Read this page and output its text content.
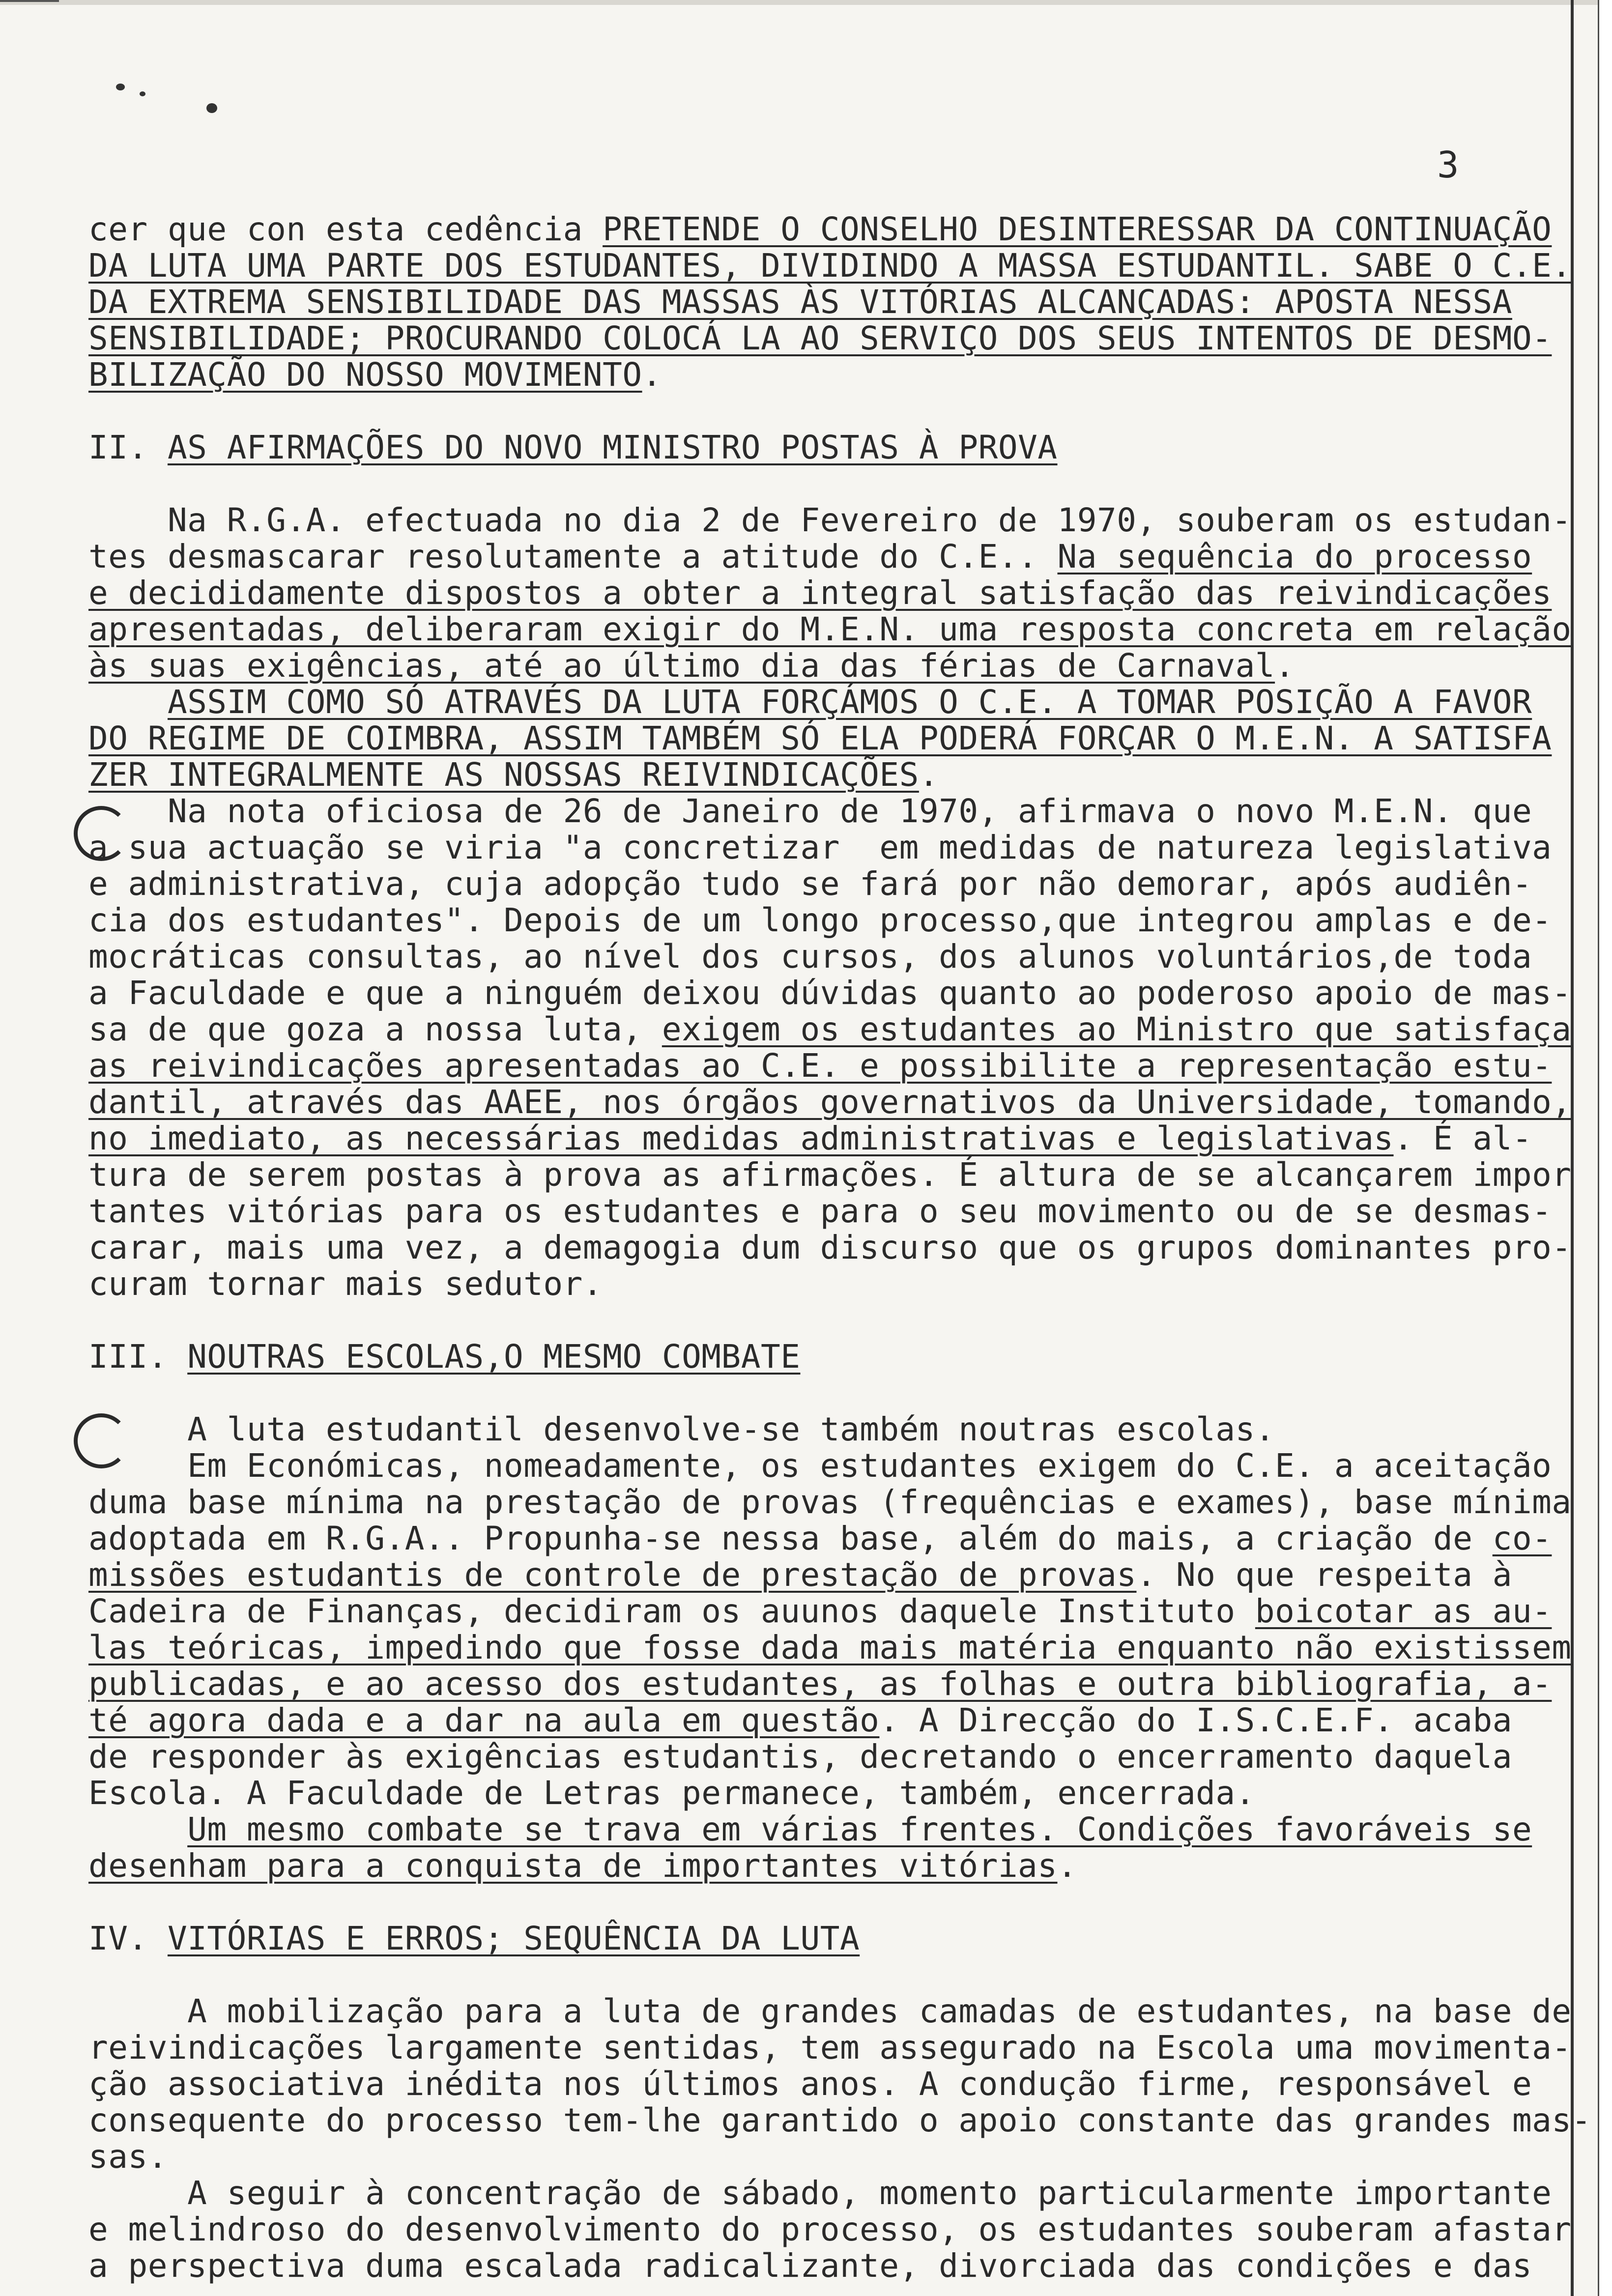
3
cer que con esta cedência PRETENDE O CONSELHO DESINTERESSAR DA CONTINUAÇÃO
DA LUTA UMA PARTE DOS ESTUDANTES, DIVIDINDO A MASSA ESTUDANTIL. SABE O C.E.
DA EXTREMA SENSIBILIDADE DAS MASSAS ÀS VITÓRIAS ALCANÇADAS: APOSTA NESSA
SENSIBILIDADE; PROCURANDO COLOCÁ LA AO SERVIÇO DOS SEUS INTENTOS DE DESMO-
BILIZAÇÃO DO NOSSO MOVIMENTO.
II. AS AFIRMAÇÕES DO NOVO MINISTRO POSTAS À PROVA
Na R.G.A. efectuada no dia 2 de Fevereiro de 1970, souberam os estudan-
tes desmascarar resolutamente a atitude do C.E.. Na sequência do processo
e decididamente dispostos a obter a integral satisfação das reivindicações
apresentadas, deliberaram exigir do M.E.N. uma resposta concreta em relação
às suas exigências, até ao último dia das férias de Carnaval.
ASSIM COMO SÓ ATRAVÉS DA LUTA FORÇÁMOS O C.E. A TOMAR POSIÇÃO A FAVOR
DO REGIME DE COIMBRA, ASSIM TAMBÉM SÓ ELA PODERÁ FORÇAR O M.E.N. A SATISFA
ZER INTEGRALMENTE AS NOSSAS REIVINDICAÇÕES.
Na nota oficiosa de 26 de Janeiro de 1970, afirmava o novo M.E.N. que
a sua actuação se viria "a concretizar  em medidas de natureza legislativa
e administrativa, cuja adopção tudo se fará por não demorar, após audiên-
cia dos estudantes". Depois de um longo processo,que integrou amplas e de-
mocráticas consultas, ao nível dos cursos, dos alunos voluntários,de toda
a Faculdade e que a ninguém deixou dúvidas quanto ao poderoso apoio de mas-
sa de que goza a nossa luta, exigem os estudantes ao Ministro que satisfaça
as reivindicações apresentadas ao C.E. e possibilite a representação estu-
dantil, através das AAEE, nos órgãos governativos da Universidade, tomando,
no imediato, as necessárias medidas administrativas e legislativas. É al-
tura de serem postas à prova as afirmações. É altura de se alcançarem impor
tantes vitórias para os estudantes e para o seu movimento ou de se desmas-
carar, mais uma vez, a demagogia dum discurso que os grupos dominantes pro-
curam tornar mais sedutor.
III. NOUTRAS ESCOLAS,O MESMO COMBATE
A luta estudantil desenvolve-se também noutras escolas.
Em Económicas, nomeadamente, os estudantes exigem do C.E. a aceitação
duma base mínima na prestação de provas (frequências e exames), base mínima
adoptada em R.G.A.. Propunha-se nessa base, além do mais, a criação de co-
missões estudantis de controle de prestação de provas. No que respeita à
Cadeira de Finanças, decidiram os auunos daquele Instituto boicotar as au-
las teóricas, impedindo que fosse dada mais matéria enquanto não existissem
publicadas, e ao acesso dos estudantes, as folhas e outra bibliografia, a-
té agora dada e a dar na aula em questão. A Direcção do I.S.C.E.F. acaba
de responder às exigências estudantis, decretando o encerramento daquela
Escola. A Faculdade de Letras permanece, também, encerrada.
Um mesmo combate se trava em várias frentes. Condições favoráveis se
desenham para a conquista de importantes vitórias.
IV. VITÓRIAS E ERROS; SEQUÊNCIA DA LUTA
A mobilização para a luta de grandes camadas de estudantes, na base de
reivindicações largamente sentidas, tem assegurado na Escola uma movimenta-
ção associativa inédita nos últimos anos. A condução firme, responsável e
consequente do processo tem-lhe garantido o apoio constante das grandes mas-
sas.
A seguir à concentração de sábado, momento particularmente importante
e melindroso do desenvolvimento do processo, os estudantes souberam afastar
a perspectiva duma escalada radicalizante, divorciada das condições e das
